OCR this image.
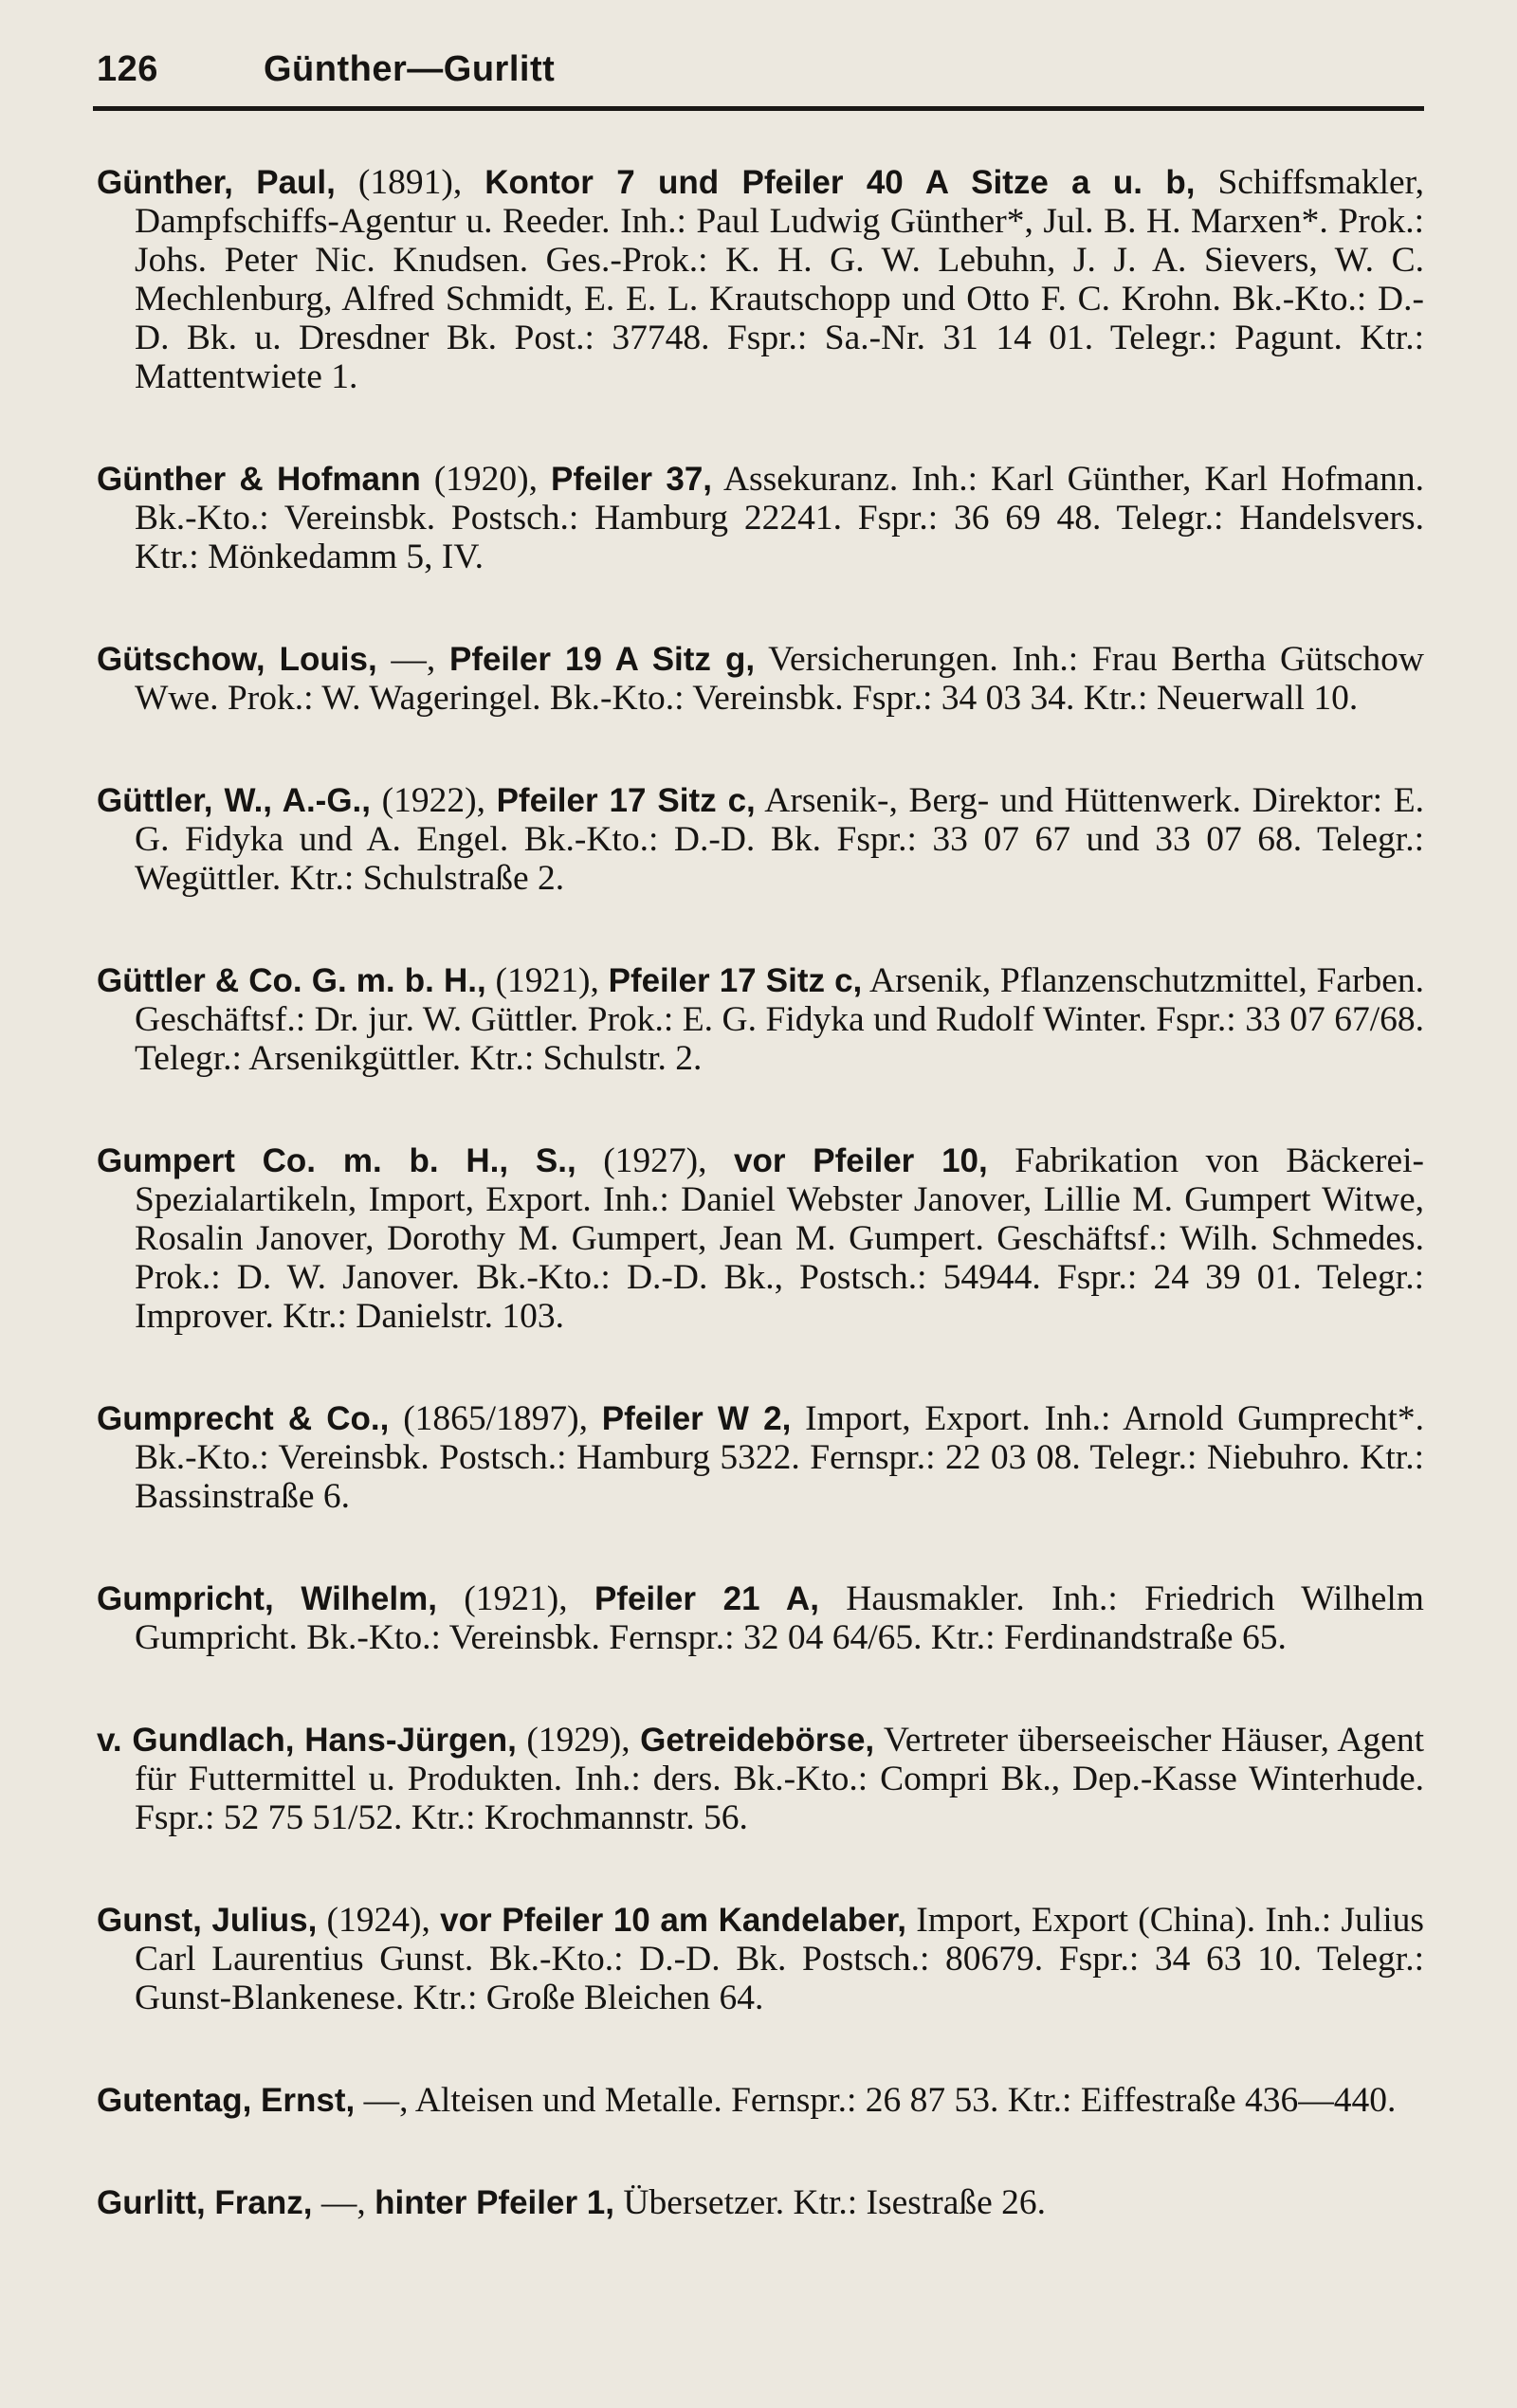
126	Günther—Gurlitt

Günther, Paul, (1891), Kontor 7 und Pfeiler 40 A Sitze a u. b, Schiffsmakler, Dampfschiffs-Agentur u. Reeder. Inh.: Paul Ludwig Günther*, Jul. B. H. Marxen*. Prok.: Johs. Peter Nic. Knudsen. Ges.-Prok.: K. H. G. W. Lebuhn, J. J. A. Sievers, W. C. Mechlenburg, Alfred Schmidt, E. E. L. Krautschopp und Otto F. C. Krohn. Bk.-Kto.: D.-D. Bk. u. Dresdner Bk. Post.: 37748. Fspr.: Sa.-Nr. 31 14 01. Telegr.: Pagunt. Ktr.: Mattentwiete 1.

Günther & Hofmann (1920), Pfeiler 37, Assekuranz. Inh.: Karl Günther, Karl Hofmann. Bk.-Kto.: Vereinsbk. Postsch.: Hamburg 22241. Fspr.: 36 69 48. Telegr.: Handelsvers. Ktr.: Mönkedamm 5, IV.

Gütschow, Louis, —, Pfeiler 19 A Sitz g, Versicherungen. Inh.: Frau Bertha Gütschow Wwe. Prok.: W. Wageringel. Bk.-Kto.: Vereinsbk. Fspr.: 34 03 34. Ktr.: Neuerwall 10.

Güttler, W., A.-G., (1922), Pfeiler 17 Sitz c, Arsenik-, Berg- und Hüttenwerk. Direktor: E. G. Fidyka und A. Engel. Bk.-Kto.: D.-D. Bk. Fspr.: 33 07 67 und 33 07 68. Telegr.: Wegüttler. Ktr.: Schulstraße 2.

Güttler & Co. G. m. b. H., (1921), Pfeiler 17 Sitz c, Arsenik, Pflanzenschutzmittel, Farben. Geschäftsf.: Dr. jur. W. Güttler. Prok.: E. G. Fidyka und Rudolf Winter. Fspr.: 33 07 67/68. Telegr.: Arsenikgüttler. Ktr.: Schulstr. 2.

Gumpert Co. m. b. H., S., (1927), vor Pfeiler 10, Fabrikation von Bäckerei-Spezialartikeln, Import, Export. Inh.: Daniel Webster Janover, Lillie M. Gumpert Witwe, Rosalin Janover, Dorothy M. Gumpert, Jean M. Gumpert. Geschäftsf.: Wilh. Schmedes. Prok.: D. W. Janover. Bk.-Kto.: D.-D. Bk., Postsch.: 54944. Fspr.: 24 39 01. Telegr.: Improver. Ktr.: Danielstr. 103.

Gumprecht & Co., (1865/1897), Pfeiler W 2, Import, Export. Inh.: Arnold Gumprecht*. Bk.-Kto.: Vereinsbk. Postsch.: Hamburg 5322. Fernspr.: 22 03 08. Telegr.: Niebuhro. Ktr.: Bassinstraße 6.

Gumpricht, Wilhelm, (1921), Pfeiler 21 A, Hausmakler. Inh.: Friedrich Wilhelm Gumpricht. Bk.-Kto.: Vereinsbk. Fernspr.: 32 04 64/65. Ktr.: Ferdinandstraße 65.

v. Gundlach, Hans-Jürgen, (1929), Getreidebörse, Vertreter überseeischer Häuser, Agent für Futtermittel u. Produkten. Inh.: ders. Bk.-Kto.: Compri Bk., Dep.-Kasse Winterhude. Fspr.: 52 75 51/52. Ktr.: Krochmannstr. 56.

Gunst, Julius, (1924), vor Pfeiler 10 am Kandelaber, Import, Export (China). Inh.: Julius Carl Laurentius Gunst. Bk.-Kto.: D.-D. Bk. Postsch.: 80679. Fspr.: 34 63 10. Telegr.: Gunst-Blankenese. Ktr.: Große Bleichen 64.

Gutentag, Ernst, —, Alteisen und Metalle. Fernspr.: 26 87 53. Ktr.: Eiffestraße 436—440.

Gurlitt, Franz, —, hinter Pfeiler 1, Übersetzer. Ktr.: Isestraße 26.
